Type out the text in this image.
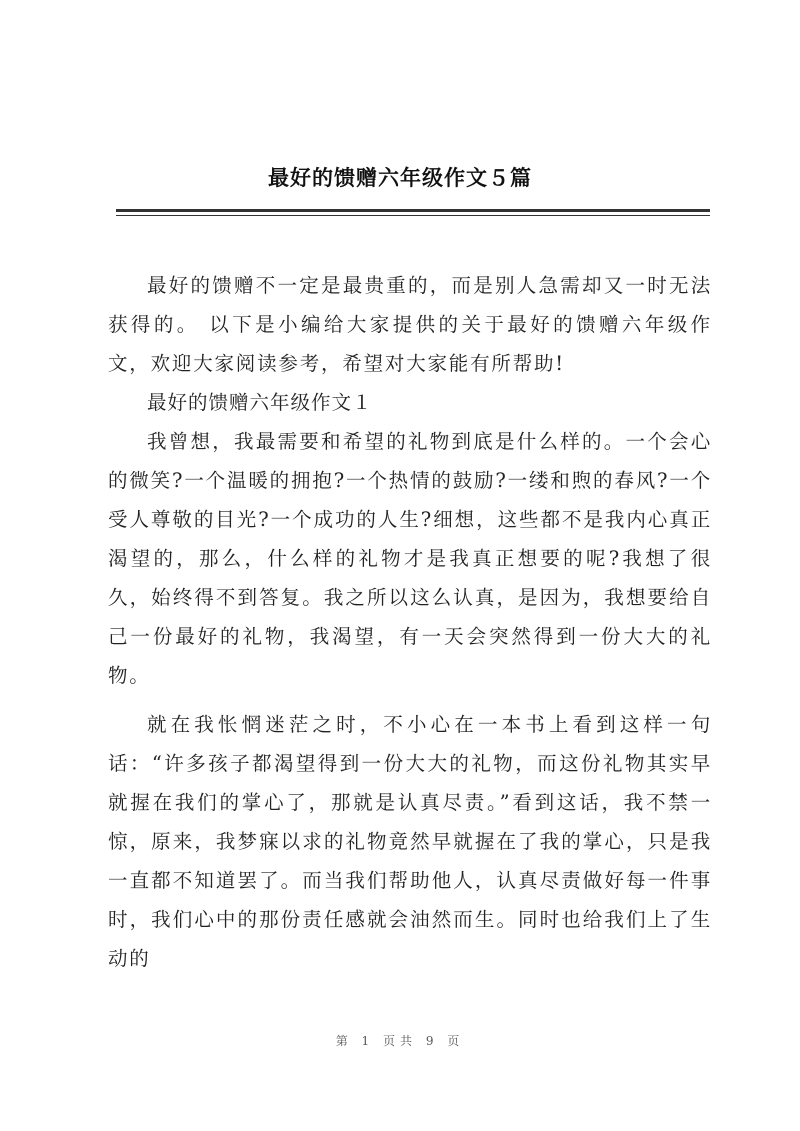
最好的馈赠六年级作文５篇

最好的馈赠不一定是最贵重的，而是别人急需却又一时无法获得的。 以下是小编给大家提供的关于最好的馈赠六年级作文，欢迎大家阅读参考，希望对大家能有所帮助!

最好的馈赠六年级作文１

我曾想，我最需要和希望的礼物到底是什么样的。一个会心的微笑?一个温暖的拥抱?一个热情的鼓励?一缕和煦的春风?一个受人尊敬的目光?一个成功的人生?细想，这些都不是我内心真正渴望的，那么，什么样的礼物才是我真正想要的呢?我想了很久，始终得不到答复。我之所以这么认真，是因为，我想要给自己一份最好的礼物，我渴望，有一天会突然得到一份大大的礼物。

就在我怅惘迷茫之时，不小心在一本书上看到这样一句话：“许多孩子都渴望得到一份大大的礼物，而这份礼物其实早就握在我们的掌心了，那就是认真尽责。”看到这话，我不禁一惊，原来，我梦寐以求的礼物竟然早就握在了我的掌心，只是我一直都不知道罢了。而当我们帮助他人，认真尽责做好每一件事时，我们心中的那份责任感就会油然而生。同时也给我们上了生动的

第 1 页共 9 页
